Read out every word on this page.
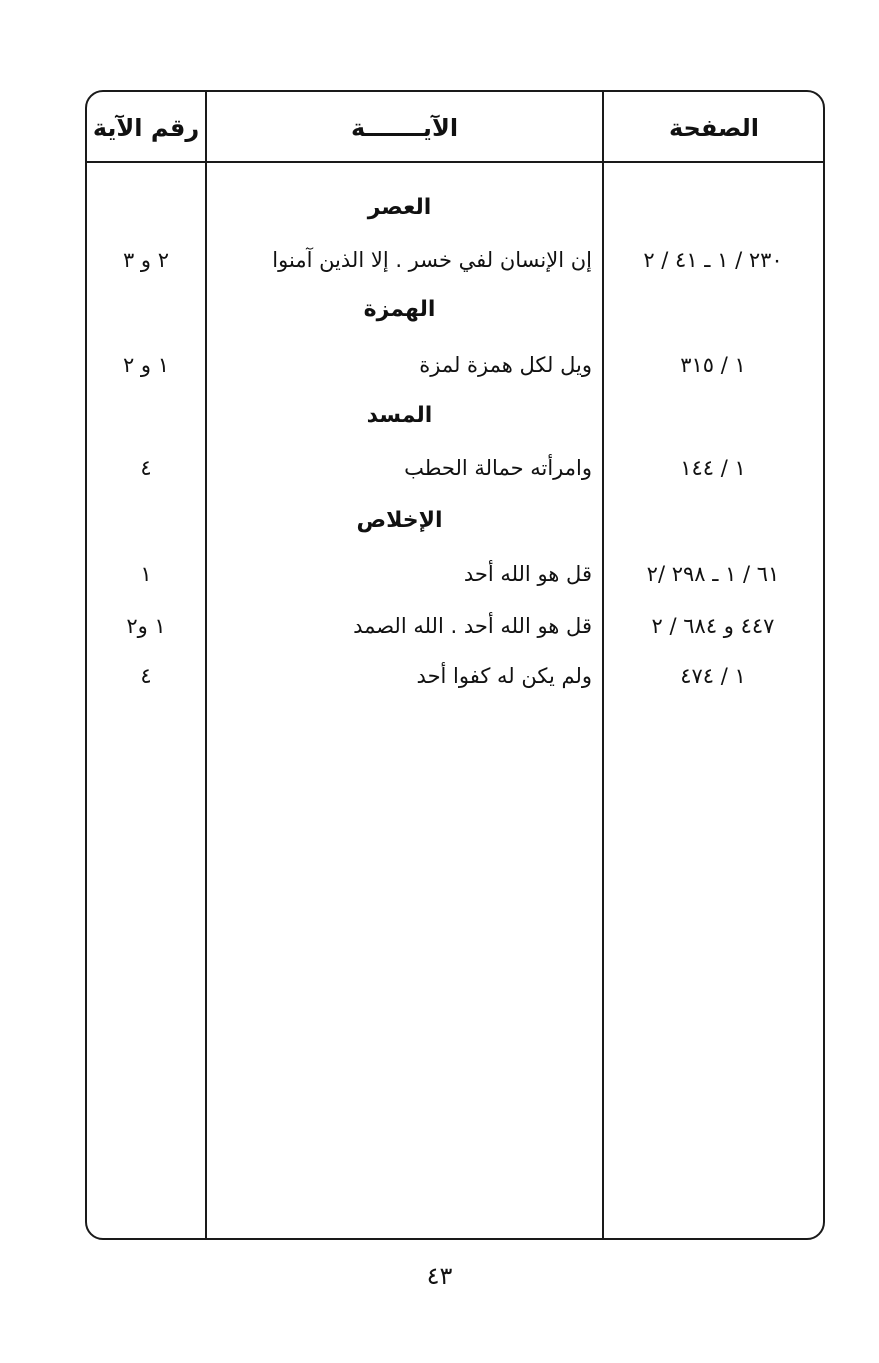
الصفحة
الآيـــــــة
رقم الآية
العصر
٢٣٠ / ١ ـ ٤١ / ٢
إن الإنسان لفي خسر . إلا الذين آمنوا
٢ و ٣
الهمزة
١ / ٣١٥
ويل لكل همزة لمزة
١ و ٢
المسد
١ / ١٤٤
وامرأته حمالة الحطب
٤
الإخلاص
٦١ / ١ ـ ٢٩٨ /٢
قل هو الله أحد
١
٤٤٧ و ٦٨٤ / ٢
قل هو الله أحد . الله الصمد
١ و٢
١ / ٤٧٤
ولم يكن له كفوا أحد
٤
٤٣
